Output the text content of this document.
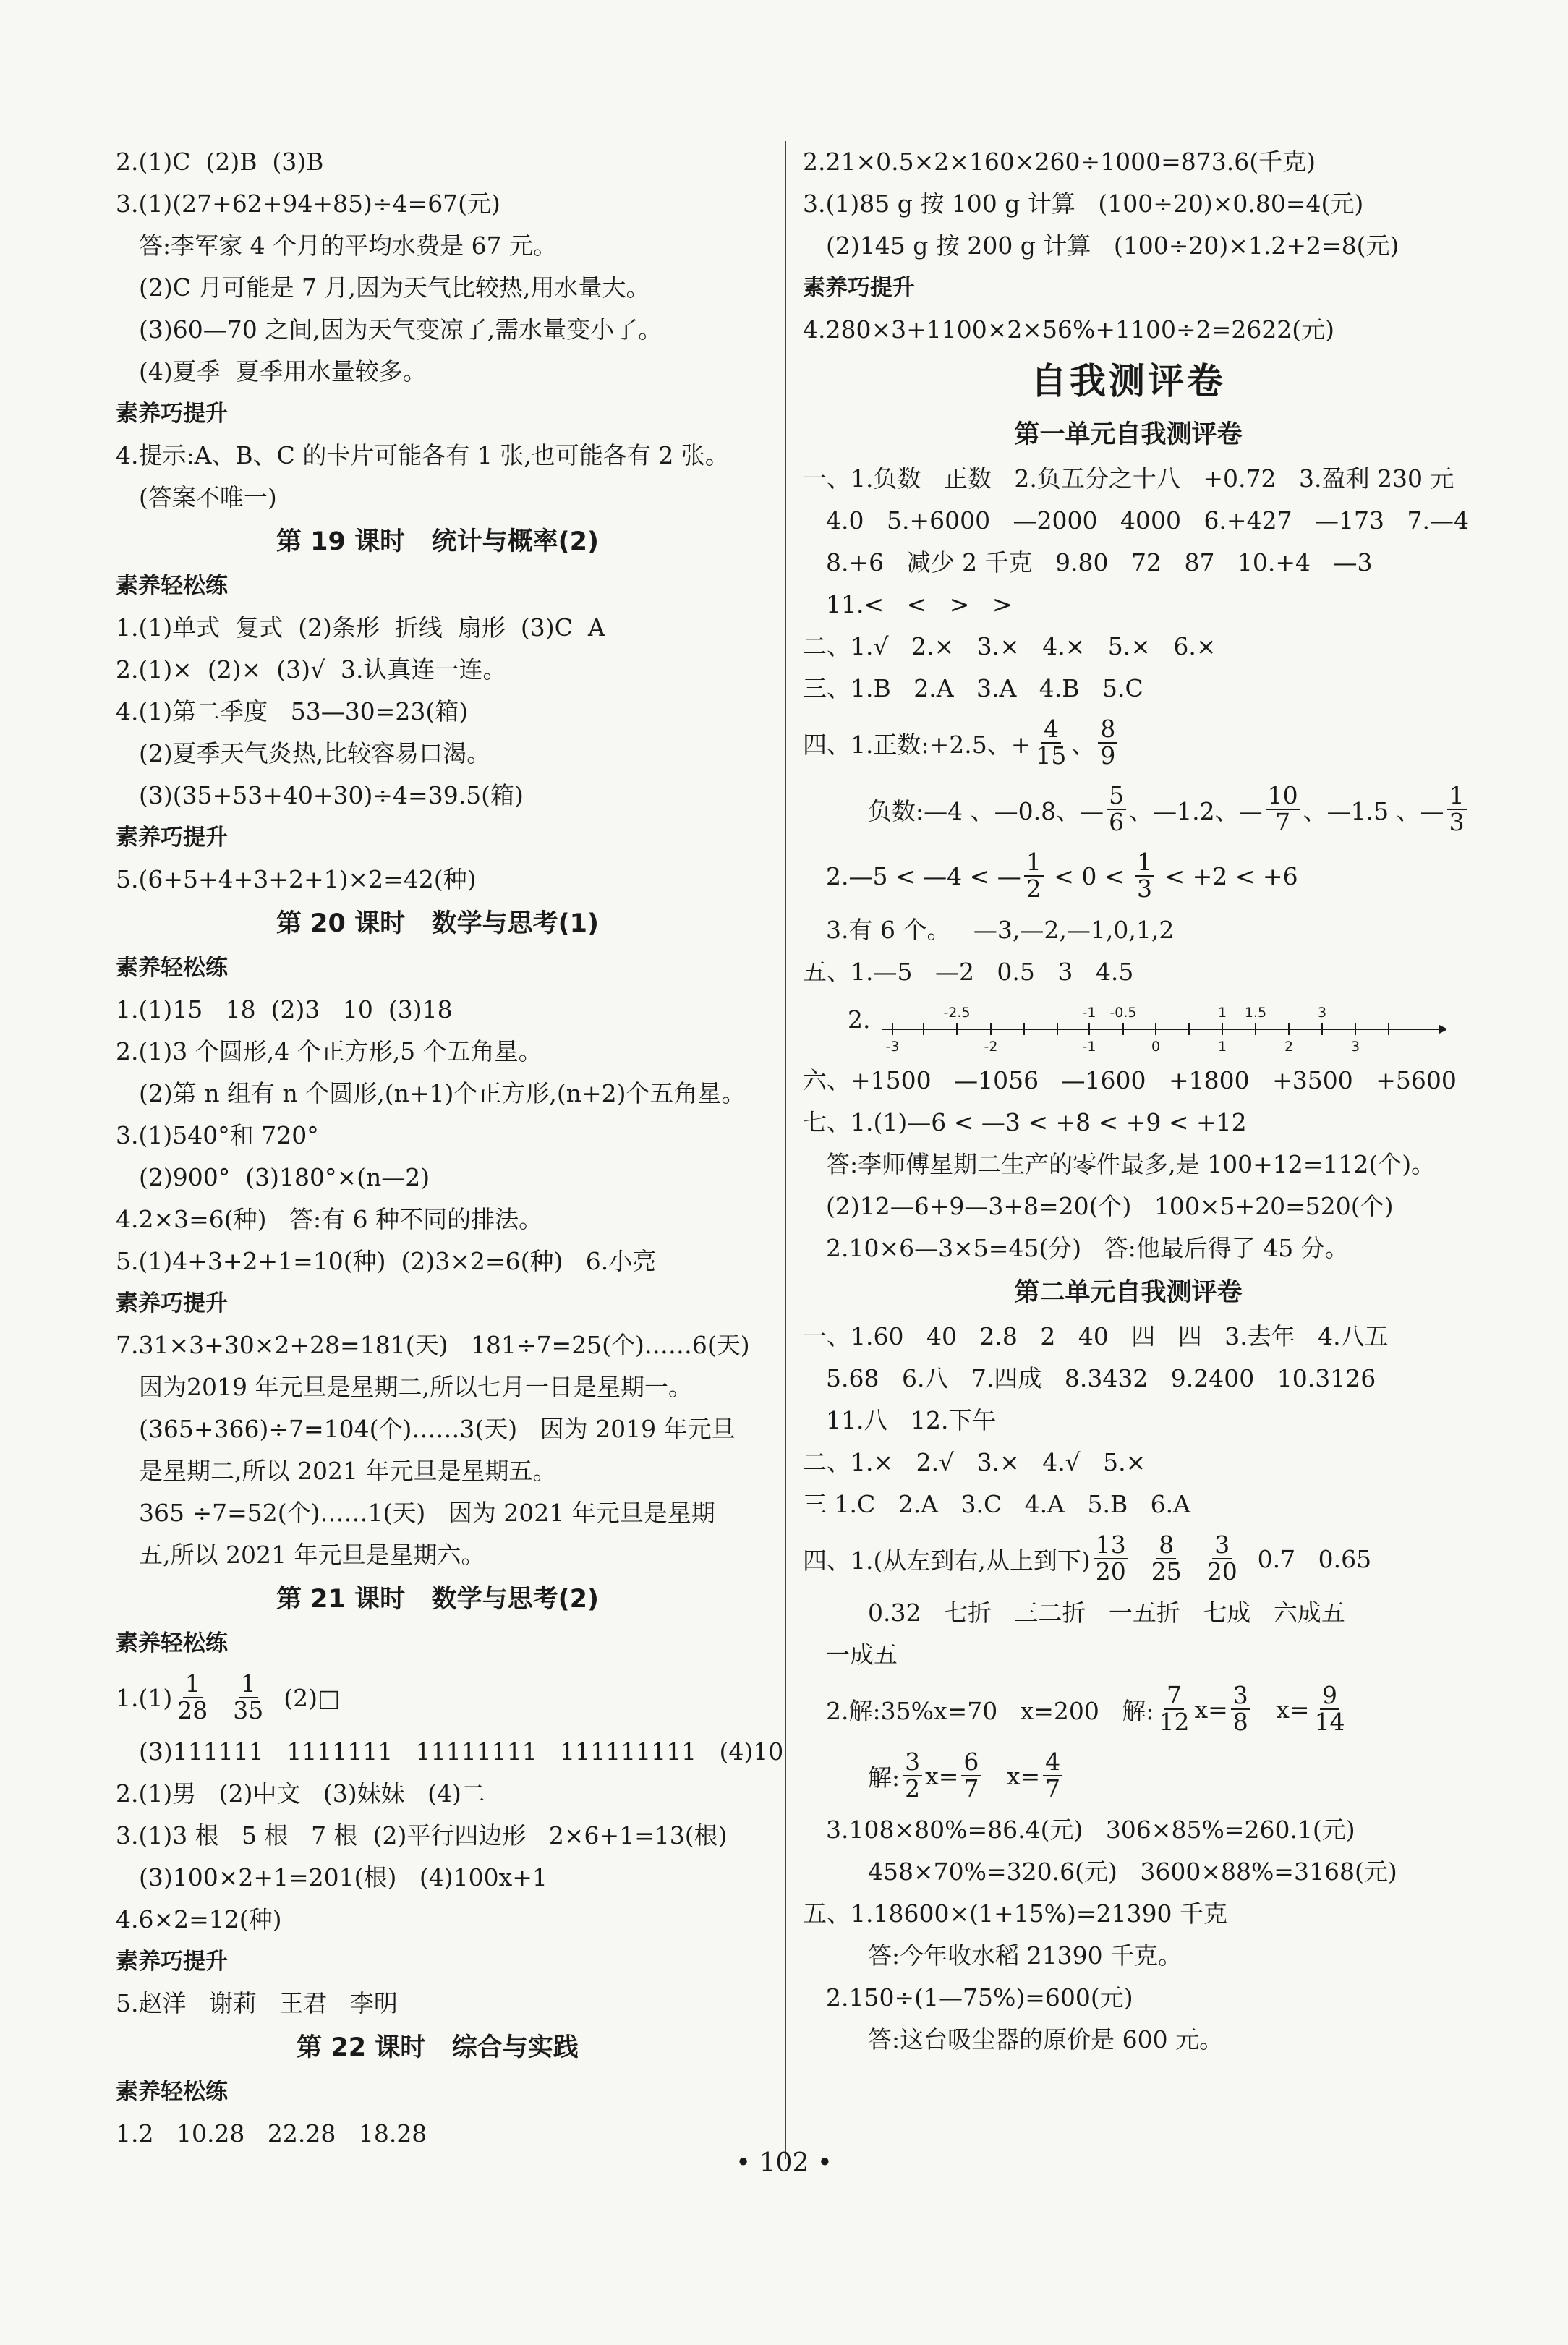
2.(1)C  (2)B  (3)B
3.(1)(27+62+94+85)÷4=67(元)
答:李军家 4 个月的平均水费是 67 元。
(2)C 月可能是 7 月,因为天气比较热,用水量大。
(3)60—70 之间,因为天气变凉了,需水量变小了。
(4)夏季  夏季用水量较多。
素养巧提升
4.提示:A、B、C 的卡片可能各有 1 张,也可能各有 2 张。
(答案不唯一)
第 19 课时   统计与概率(2)
素养轻松练
1.(1)单式  复式  (2)条形  折线  扇形  (3)C  A
2.(1)×  (2)×  (3)√  3.认真连一连。
4.(1)第二季度   53—30=23(箱)
(2)夏季天气炎热,比较容易口渴。
(3)(35+53+40+30)÷4=39.5(箱)
素养巧提升
5.(6+5+4+3+2+1)×2=42(种)
第 20 课时   数学与思考(1)
素养轻松练
1.(1)15   18  (2)3   10  (3)18
2.(1)3 个圆形,4 个正方形,5 个五角星。
(2)第 n 组有 n 个圆形,(n+1)个正方形,(n+2)个五角星。
3.(1)540°和 720°
(2)900°  (3)180°×(n—2)
4.2×3=6(种)   答:有 6 种不同的排法。
5.(1)4+3+2+1=10(种)  (2)3×2=6(种)   6.小亮
素养巧提升
7.31×3+30×2+28=181(天)   181÷7=25(个)……6(天)
因为2019 年元旦是星期二,所以七月一日是星期一。
(365+366)÷7=104(个)……3(天)   因为 2019 年元旦
是星期二,所以 2021 年元旦是星期五。
365 ÷7=52(个)……1(天)   因为 2021 年元旦是星期
五,所以 2021 年元旦是星期六。
第 21 课时   数学与思考(2)
素养轻松练
$1.(1) \frac{1}{28}$
$\frac{1}{35}$ (2)□
(3)111111   1111111   11111111   111111111   (4)10
2.(1)男   (2)中文   (3)妹妹   (4)二
3.(1)3 根   5 根   7 根  (2)平行四边形   2×6+1=13(根)
(3)100×2+1=201(根)   (4)100x+1
4.6×2=12(种)
素养巧提升
5.赵洋   谢莉   王君   李明
第 22 课时   综合与实践
素养轻松练
1.2   10.28   22.28   18.28
2.21×0.5×2×160×260÷1000=873.6(千克)
3.(1)85 g 按 100 g 计算   (100÷20)×0.80=4(元)
(2)145 g 按 200 g 计算   (100÷20)×1.2+2=8(元)
素养巧提升
4.280×3+1100×2×56%+1100÷2=2622(元)
自我测评卷
第一单元自我测评卷
一、1.负数   正数   2.负五分之十八   +0.72   3.盈利 230 元
4.0   5.+6000   —2000   4000   6.+427   —173   7.—4
8.+6   减少 2 千克   9.80   72   87   10.+4   —3
11.<   <   >   >
二、1.√   2.×   3.×   4.×   5.×   6.×
三、1.B   2.A   3.A   4.B   5.C
四、1.正数:+2.5、+ $\frac{4}{15}$ 、 $\frac{8}{9}$
负数:—4 、—0.8、— $\frac{5}{6}$ 、—1.2、— $\frac{10}{7}$ 、—1.5 、— $\frac{1}{3}$
2.—5 < —4 < — $\frac{1}{2} < 0 < \frac{1}{3} < +2 < +6$
3.有 6 个。   —3,—2,—1,0,1,2
五、1.—5   —2   0.5   3   4.5
2.	-2.5	-1 -0.5	1 1.5	3
-3	-2	-1	0	1	2	3
六、+1500   —1056   —1600   +1800   +3500   +5600
七、1.(1)—6 < —3 < +8 < +9 < +12
答:李师傅星期二生产的零件最多,是 100+12=112(个)。
(2)12—6+9—3+8=20(个)   100×5+20=520(个)
2.10×6—3×5=45(分)   答:他最后得了 45 分。
第二单元自我测评卷
一、1.60   40   2.8   2   40   四   四   3.去年   4.八五
5.68   6.八   7.四成   8.3432   9.2400   10.3126
11.八   12.下午
二、1.×   2.√   3.×   4.√   5.×
三 1.C   2.A   3.C   4.A   5.B   6.A
四、1.(从左到右,从上到下) $\frac{13}{20}$
$\frac{8}{25}$
$\frac{3}{20} 0.7$   0.65
0.32   七折   三二折   一五折   七成   六成五
一成五
2.解:35%x=70   x=200   解: $\frac{7}{12} x= \frac{3}{8} x= \frac{9}{14}$
解: $\frac{3}{2} x= \frac{6}{7} x= \frac{4}{7}$
3.108×80%=86.4(元)   306×85%=260.1(元)
458×70%=320.6(元)   3600×88%=3168(元)
五、1.18600×(1+15%)=21390 千克
答:今年收水稻 21390 千克。
2.150÷(1—75%)=600(元)
答:这台吸尘器的原价是 600 元。
• 102 •
